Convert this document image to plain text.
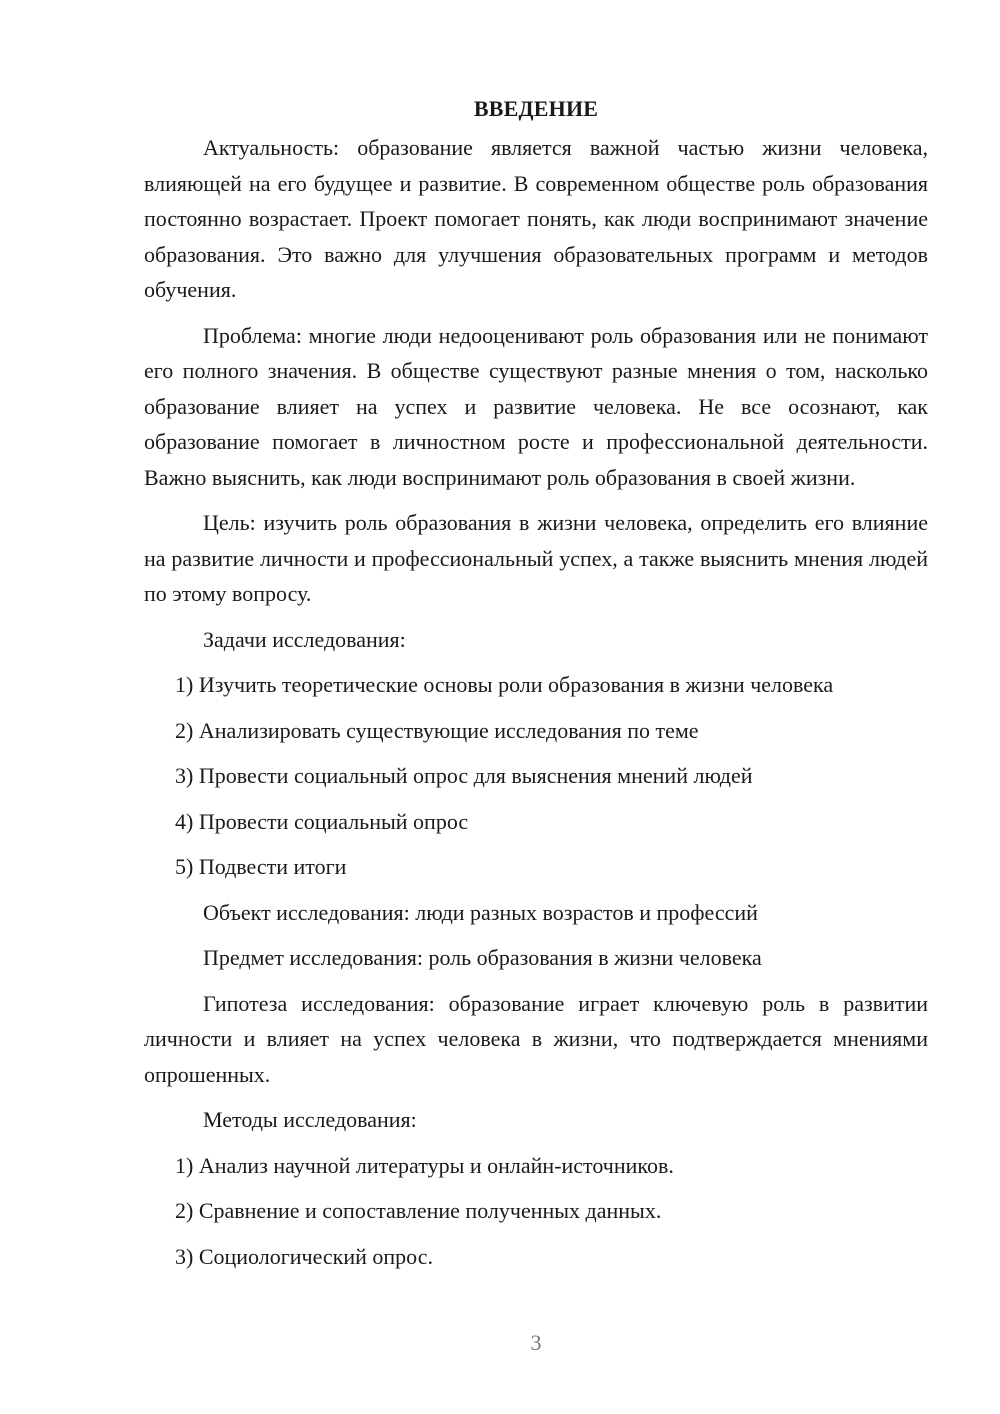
ВВЕДЕНИЕ

Актуальность: образование является важной частью жизни человека, влияющей на его будущее и развитие. В современном обществе роль образования постоянно возрастает. Проект помогает понять, как люди воспринимают значение образования. Это важно для улучшения образовательных программ и методов обучения.

Проблема: многие люди недооценивают роль образования или не понимают его полного значения. В обществе существуют разные мнения о том, насколько образование влияет на успех и развитие человека. Не все осознают, как образование помогает в личностном росте и профессиональной деятельности. Важно выяснить, как люди воспринимают роль образования в своей жизни.

Цель: изучить роль образования в жизни человека, определить его влияние на развитие личности и профессиональный успех, а также выяснить мнения людей по этому вопросу.

Задачи исследования:
1) Изучить теоретические основы роли образования в жизни человека
2) Анализировать существующие исследования по теме
3) Провести социальный опрос для выяснения мнений людей
4) Провести социальный опрос
5) Подвести итоги
Объект исследования: люди разных возрастов и профессий
Предмет исследования: роль образования в жизни человека

Гипотеза исследования: образование играет ключевую роль в развитии личности и влияет на успех человека в жизни, что подтверждается мнениями опрошенных.

Методы исследования:
1) Анализ научной литературы и онлайн-источников.
2) Сравнение и сопоставление полученных данных.
3) Социологический опрос.
3
